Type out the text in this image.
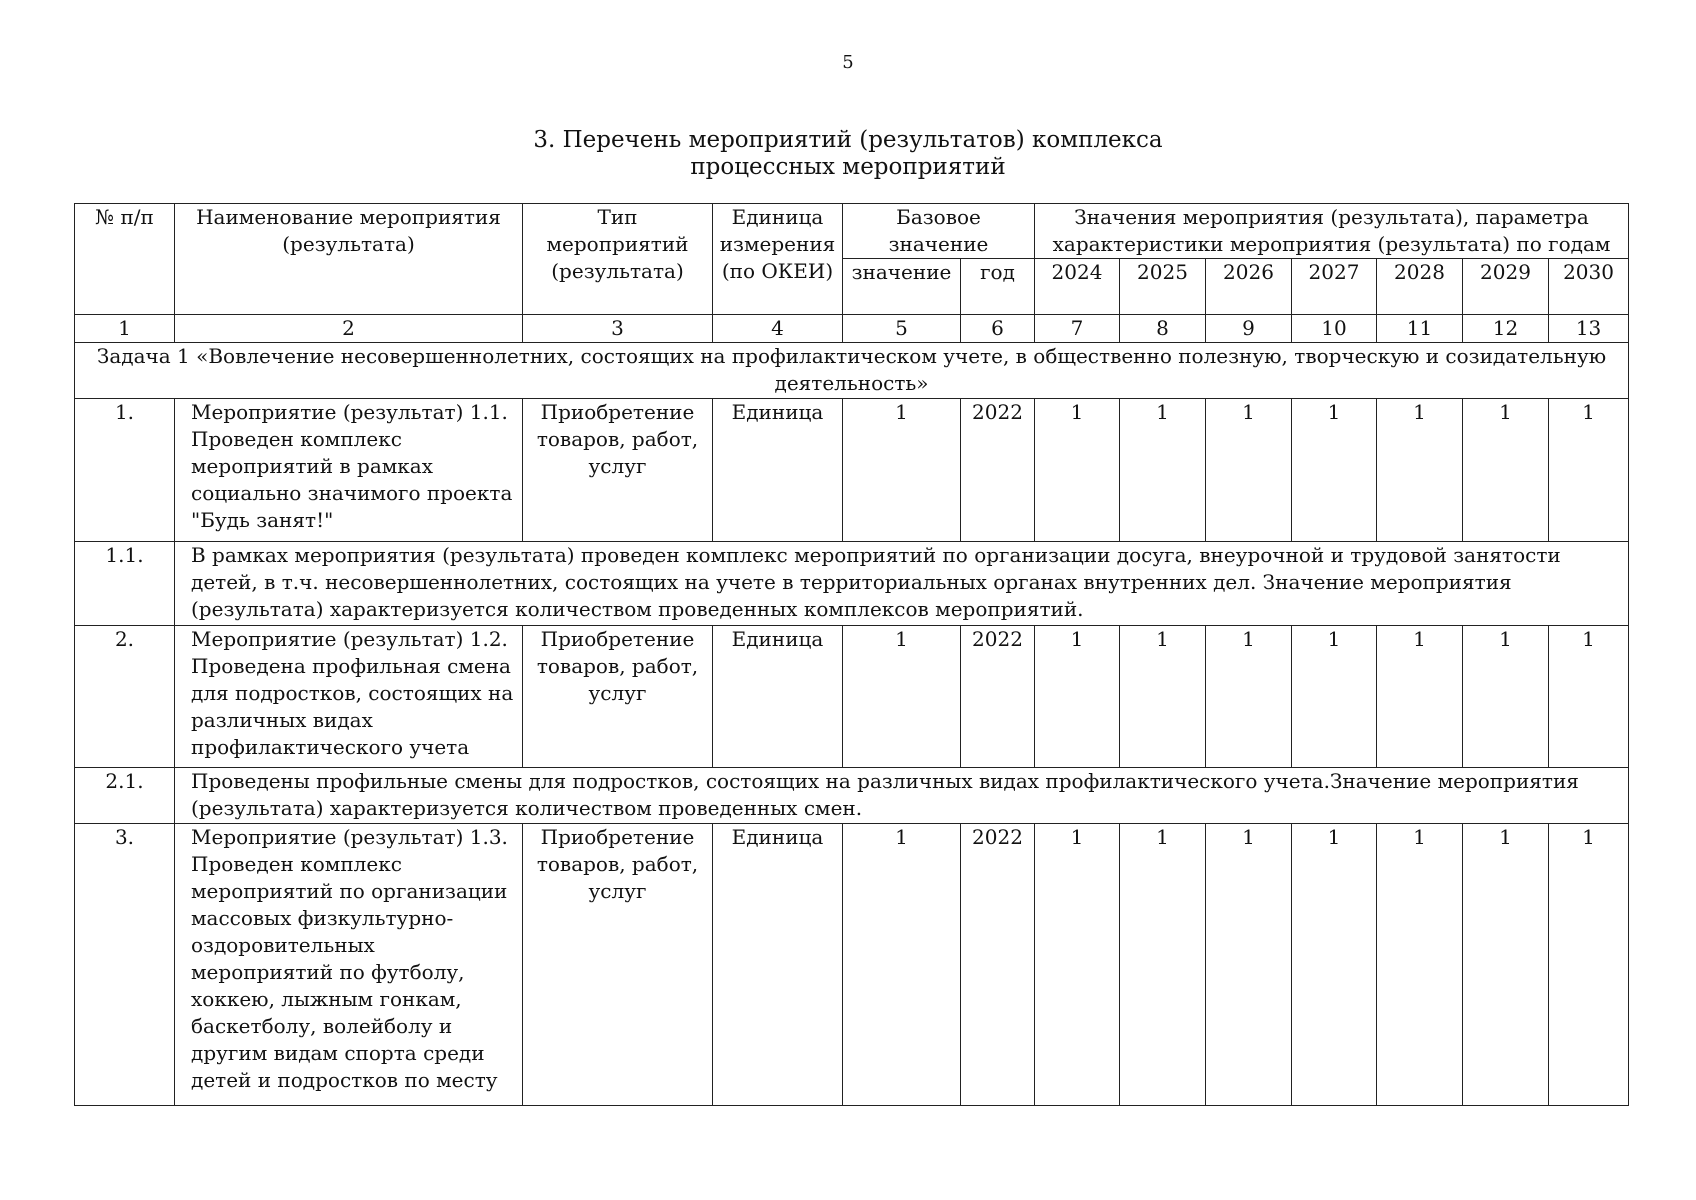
5
3. Перечень мероприятий (результатов) комплекса
процессных мероприятий
№ п/п	Наименование мероприятия (результата)	Тип мероприятий (результата)	Единица измерения (по ОКЕИ)	Базовое значение		Значения мероприятия (результата), параметра характеристики мероприятия (результата) по годам						
				значение	год	2024	2025	2026	2027	2028	2029	2030
1	2	3	4	5	6	7	8	9	10	11	12	13
Задача 1 «Вовлечение несовершеннолетних, состоящих на профилактическом учете, в общественно полезную, творческую и созидательную деятельность»												
1.	Мероприятие (результат) 1.1. Проведен комплекс мероприятий в рамках социально значимого проекта "Будь занят!"	Приобретение товаров, работ, услуг	Единица	1	2022	1	1	1	1	1	1	1
1.1.	В рамках мероприятия (результата) проведен комплекс мероприятий по организации досуга, внеурочной и трудовой занятости детей, в т.ч. несовершеннолетних, состоящих на учете в территориальных органах внутренних дел. Значение мероприятия (результата) характеризуется количеством проведенных комплексов мероприятий.											
2.	Мероприятие (результат) 1.2. Проведена профильная смена для подростков, состоящих на различных видах профилактического учета	Приобретение товаров, работ, услуг	Единица	1	2022	1	1	1	1	1	1	1
2.1.	Проведены профильные смены для подростков, состоящих на различных видах профилактического учета.Значение мероприятия (результата) характеризуется количеством проведенных смен.											
3.	Мероприятие (результат) 1.3. Проведен комплекс мероприятий по организации массовых физкультурно-оздоровительных мероприятий по футболу, хоккею, лыжным гонкам, баскетболу, волейболу и другим видам спорта среди детей и подростков по месту	Приобретение товаров, работ, услуг	Единица	1	2022	1	1	1	1	1	1	1
